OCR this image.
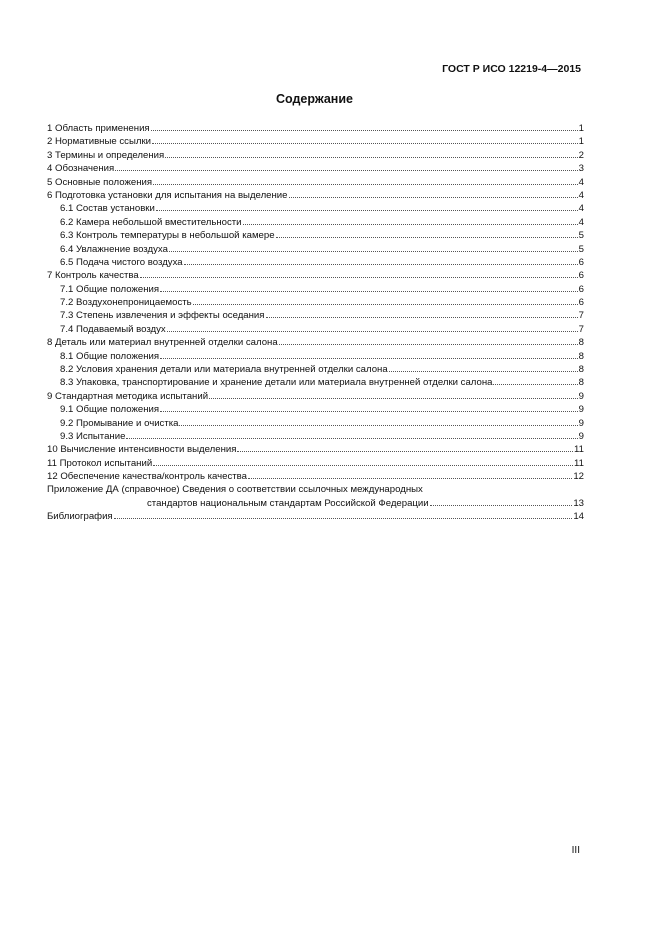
ГОСТ Р ИСО 12219-4—2015
Содержание
1 Область применения	1
2 Нормативные ссылки	1
3 Термины и определения	2
4 Обозначения	3
5 Основные положения	4
6 Подготовка установки для испытания на выделение	4
6.1 Состав установки	4
6.2 Камера небольшой вместительности	4
6.3 Контроль температуры в небольшой камере	5
6.4 Увлажнение воздуха	5
6.5 Подача чистого воздуха	6
7 Контроль качества	6
7.1 Общие положения	6
7.2 Воздухонепроницаемость	6
7.3 Степень извлечения и эффекты оседания	7
7.4 Подаваемый воздух	7
8 Деталь или материал внутренней отделки салона	8
8.1 Общие положения	8
8.2 Условия хранения детали или материала внутренней отделки салона	8
8.3 Упаковка, транспортирование и хранение детали или материала внутренней отделки салона	8
9 Стандартная методика испытаний	9
9.1 Общие положения	9
9.2 Промывание и очистка	9
9.3 Испытание	9
10 Вычисление интенсивности выделения	11
11 Протокол испытаний	11
12 Обеспечение качества/контроль качества	12
Приложение ДА (справочное) Сведения о соответствии ссылочных международных
стандартов национальным стандартам Российской Федерации	13
Библиография	14
III
